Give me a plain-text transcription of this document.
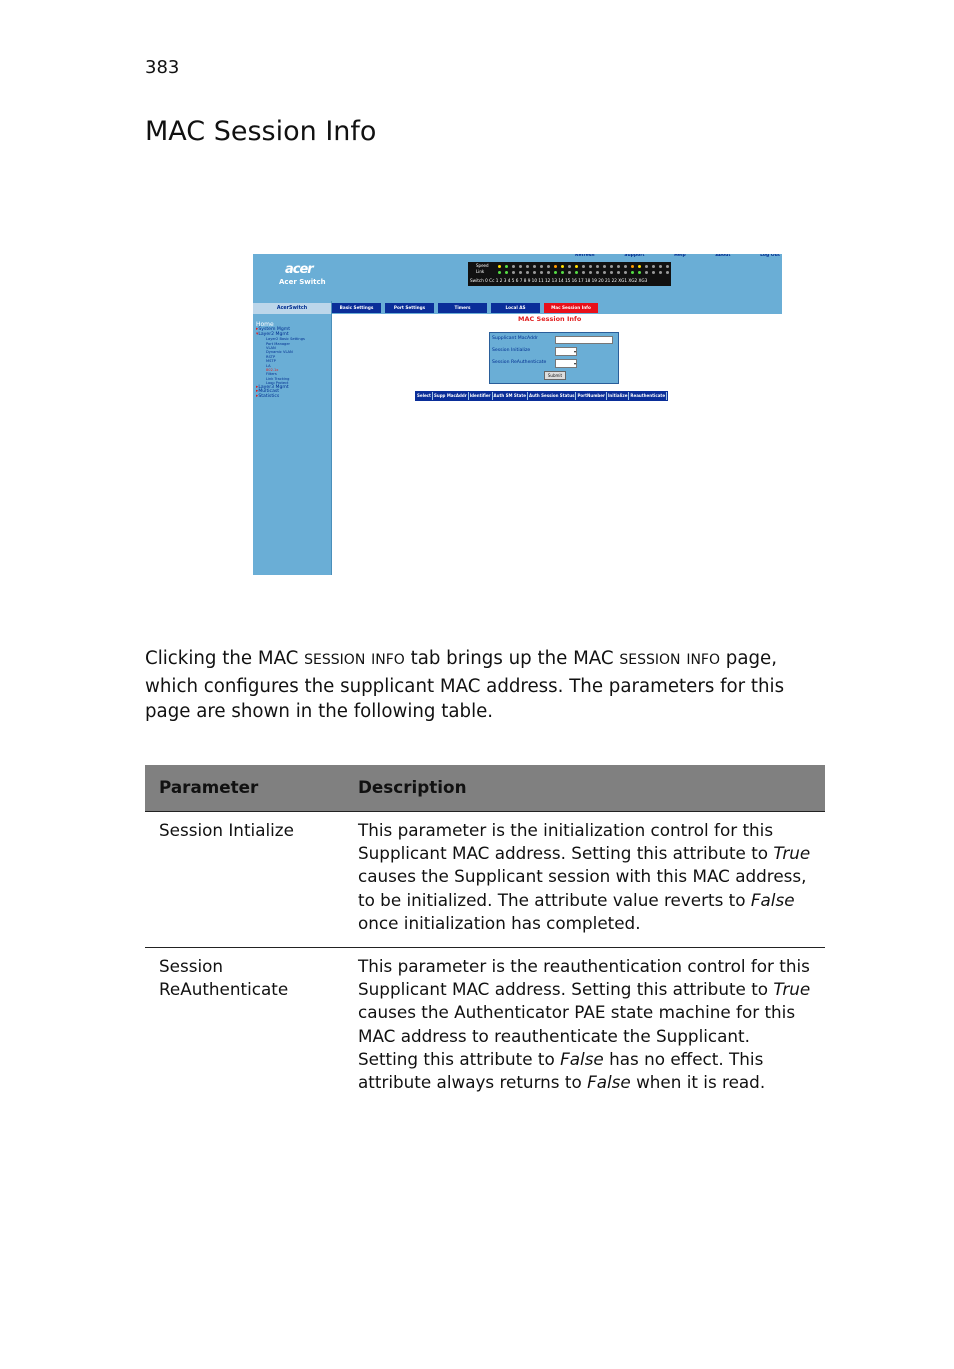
383
MAC Session Info
acer
Acer Switch
Refresh	Support	Help	About	Log Out
Speed
Link
Switch 0 Cc 1 2 3 4 5 6 7 8 9 10 11 12 13 14 15 16 17 18 19 20 21 22 XG1 XG2 XG3
AcerSwitch
Home
▸System Mgmt
▾Layer2 Mgmt
Layer2 Basic Settings
Port Manager
VLAN
Dynamic VLAN
RSTP
MSTP
LA
802.1x
Filters
Link Tracking
Loop Protect
▸Layer3 Mgmt
▸Multicast
▸Statistics
Basic Settings	Port Settings	Timers	Local AS	Mac Session Info
MAC Session Info
Supplicant MacAddr
Session Initialize	▾
Session ReAuthenticate	▾
Submit
Select Supp MacAddr Identifier Auth SM State Auth Session Status PortNumber Initialize Reauthenticate

Clicking the MAC SESSION INFO tab brings up the MAC SESSION INFO page, which configures the supplicant MAC address. The parameters for this page are shown in the following table.

Parameter	Description
Session Intialize	This parameter is the initialization control for this Supplicant MAC address. Setting this attribute to True causes the Supplicant session with this MAC address, to be initialized. The attribute value reverts to False once initialization has completed.
Session ReAuthenticate	This parameter is the reauthentication control for this Supplicant MAC address. Setting this attribute to True causes the Authenticator PAE state machine for this MAC address to reauthenticate the Supplicant. Setting this attribute to False has no effect. This attribute always returns to False when it is read.
